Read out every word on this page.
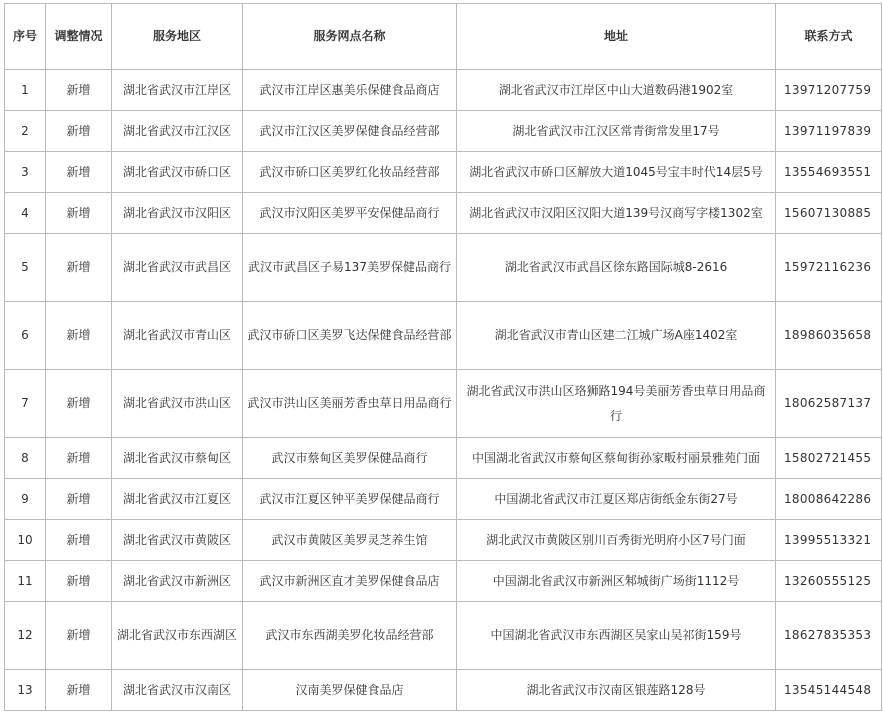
序号	调整情况	服务地区	服务网点名称	地址	联系方式
1	新增	湖北省武汉市江岸区	武汉市江岸区惠美乐保健食品商店	湖北省武汉市江岸区中山大道数码港1902室	13971207759
2	新增	湖北省武汉市江汉区	武汉市江汉区美罗保健食品经营部	湖北省武汉市江汉区常青街常发里17号	13971197839
3	新增	湖北省武汉市硚口区	武汉市硚口区美罗红化妆品经营部	湖北省武汉市硚口区解放大道1045号宝丰时代14层5号	13554693551
4	新增	湖北省武汉市汉阳区	武汉市汉阳区美罗平安保健品商行	湖北省武汉市汉阳区汉阳大道139号汉商写字楼1302室	15607130885
5	新增	湖北省武汉市武昌区	武汉市武昌区子易137美罗保健品商行	湖北省武汉市武昌区徐东路国际城8-2616	15972116236
6	新增	湖北省武汉市青山区	武汉市硚口区美罗飞达保健食品经营部	湖北省武汉市青山区建二江城广场A座1402室	18986035658
7	新增	湖北省武汉市洪山区	武汉市洪山区美丽芳香虫草日用品商行	湖北省武汉市洪山区珞狮路194号美丽芳香虫草日用品商行	18062587137
8	新增	湖北省武汉市蔡甸区	武汉市蔡甸区美罗保健品商行	中国湖北省武汉市蔡甸区蔡甸街孙家畈村丽景雅苑门面	15802721455
9	新增	湖北省武汉市江夏区	武汉市江夏区钟平美罗保健品商行	中国湖北省武汉市江夏区郑店街纸金东街27号	18008642286
10	新增	湖北省武汉市黄陂区	武汉市黄陂区美罗灵芝养生馆	湖北武汉市黄陂区别川百秀街光明府小区7号门面	13995513321
11	新增	湖北省武汉市新洲区	武汉市新洲区直才美罗保健食品店	中国湖北省武汉市新洲区邾城街广场街1112号	13260555125
12	新增	湖北省武汉市东西湖区	武汉市东西湖美罗化妆品经营部	中国湖北省武汉市东西湖区吴家山吴祁街159号	18627835353
13	新增	湖北省武汉市汉南区	汉南美罗保健食品店	湖北省武汉市汉南区银莲路128号	13545144548
